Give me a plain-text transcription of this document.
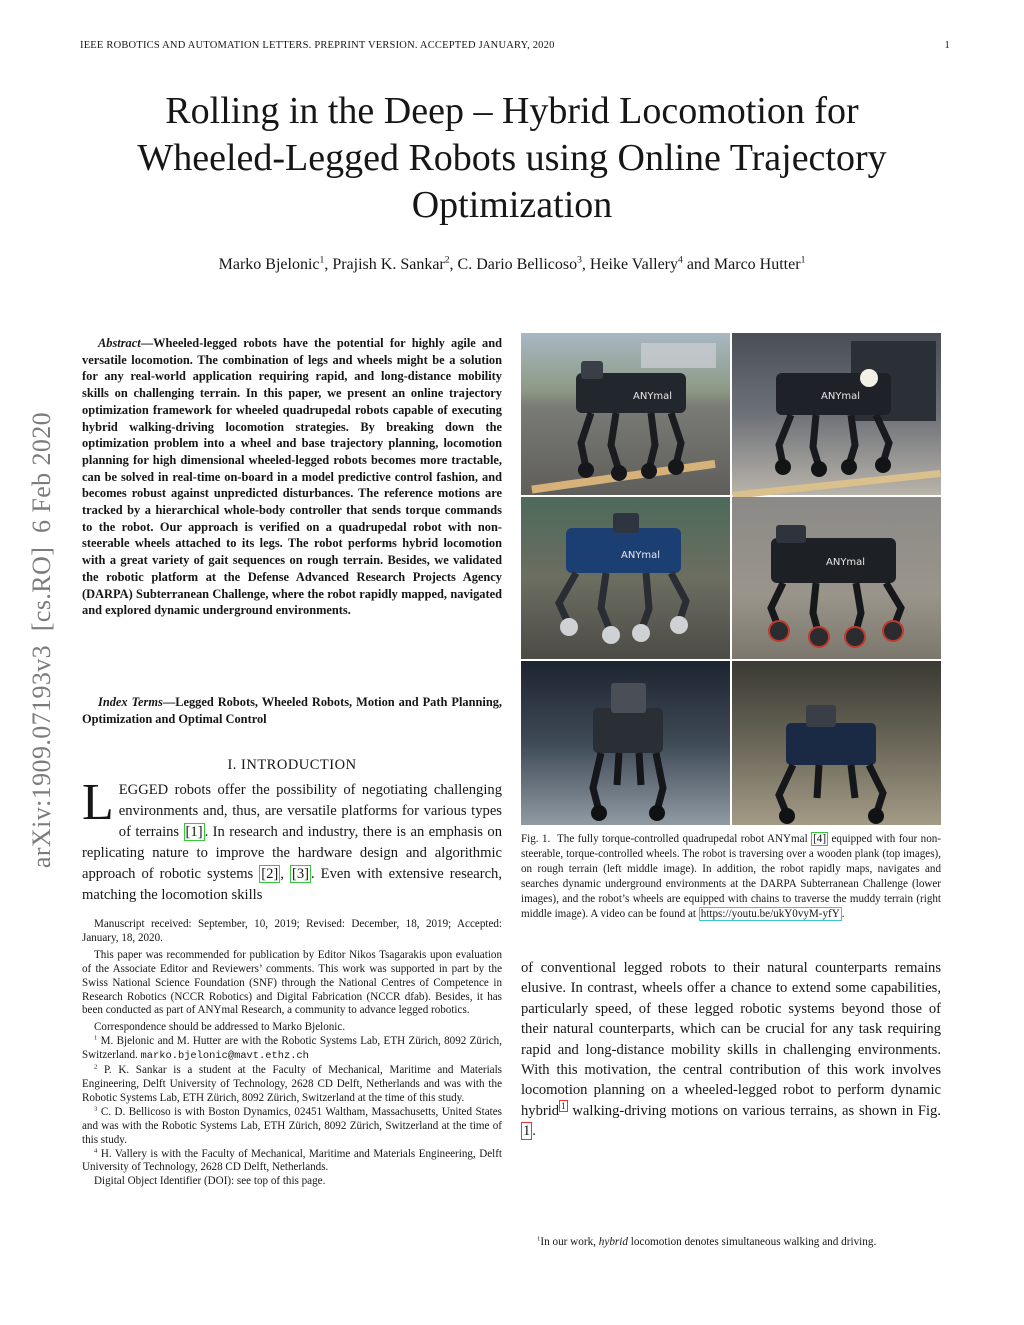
IEEE ROBOTICS AND AUTOMATION LETTERS. PREPRINT VERSION. ACCEPTED JANUARY, 2020	1
Rolling in the Deep – Hybrid Locomotion for
Wheeled-Legged Robots using Online Trajectory
Optimization
Marko Bjelonic$^1$, Prajish K. Sankar$^2$, C. Dario Bellicoso$^3$, Heike Vallery$^4$ and Marco Hutter$^1$
arXiv:1909.07193v3  [cs.RO]  6 Feb 2020
Abstract—Wheeled-legged robots have the potential for highly agile and versatile locomotion. The combination of legs and wheels might be a solution for any real-world application requiring rapid, and long-distance mobility skills on challenging terrain. In this paper, we present an online trajectory optimization framework for wheeled quadrupedal robots capable of executing hybrid walking-driving locomotion strategies. By breaking down the optimization problem into a wheel and base trajectory planning, locomotion planning for high dimensional wheeled-legged robots becomes more tractable, can be solved in real-time on-board in a model predictive control fashion, and becomes robust against unpredicted disturbances. The reference motions are tracked by a hierarchical whole-body controller that sends torque commands to the robot. Our approach is verified on a quadrupedal robot with non-steerable wheels attached to its legs. The robot performs hybrid locomotion with a great variety of gait sequences on rough terrain. Besides, we validated the robotic platform at the Defense Advanced Research Projects Agency (DARPA) Subterranean Challenge, where the robot rapidly mapped, navigated and explored dynamic underground environments.
Index Terms—Legged Robots, Wheeled Robots, Motion and Path Planning, Optimization and Optimal Control
I. INTRODUCTION
LEGGED robots offer the possibility of negotiating challenging environments and, thus, are versatile platforms for various types of terrains [1] . In research and industry, there is an emphasis on replicating nature to improve the hardware design and algorithmic approach of robotic systems [2] , [3] . Even with extensive research, matching the locomotion skills

Manuscript received: September, 10, 2019; Revised: December, 18, 2019; Accepted: January, 18, 2020.

This paper was recommended for publication by Editor Nikos Tsagarakis upon evaluation of the Associate Editor and Reviewers’ comments. This work was supported in part by the Swiss National Science Foundation (SNF) through the National Centres of Competence in Research Robotics (NCCR Robotics) and Digital Fabrication (NCCR dfab). Besides, it has been conducted as part of ANYmal Research, a community to advance legged robotics.

Correspondence should be addressed to Marko Bjelonic.

$^1$ M. Bjelonic and M. Hutter are with the Robotic Systems Lab, ETH Zürich, 8092 Zürich, Switzerland. marko.bjelonic@mavt.ethz.ch

$^2$ P. K. Sankar is a student at the Faculty of Mechanical, Maritime and Materials Engineering, Delft University of Technology, 2628 CD Delft, Netherlands and was with the Robotic Systems Lab, ETH Zürich, 8092 Zürich, Switzerland at the time of this study.

$^3$ C. D. Bellicoso is with Boston Dynamics, 02451 Waltham, Massachusetts, United States and was with the Robotic Systems Lab, ETH Zürich, 8092 Zürich, Switzerland at the time of this study.

$^4$ H. Vallery is with the Faculty of Mechanical, Maritime and Materials Engineering, Delft University of Technology, 2628 CD Delft, Netherlands.

Digital Object Identifier (DOI): see top of this page.

ANYmal	ANYmal
ANYmal
ANYmal
Fig. 1.  The fully torque-controlled quadrupedal robot ANYmal [4] equipped with four non-steerable, torque-controlled wheels. The robot is traversing over a wooden plank (top images), on rough terrain (left middle image). In addition, the robot rapidly maps, navigates and searches dynamic underground environments at the DARPA Subterranean Challenge (lower images), and the robot’s wheels are equipped with chains to traverse the muddy terrain (right middle image). A video can be found at https://youtu.be/ukY0vyM-yfY .
of conventional legged robots to their natural counterparts remains elusive. In contrast, wheels offer a chance to extend some capabilities, particularly speed, of these legged robotic systems beyond those of their natural counterparts, which can be crucial for any task requiring rapid and long-distance mobility skills in challenging environments. With this motivation, the central contribution of this work involves locomotion planning on a wheeled-legged robot to perform dynamic hybrid $^1$ walking-driving motions on various terrains, as shown in Fig. 1 .
$^1$In our work, hybrid locomotion denotes simultaneous walking and driving.
